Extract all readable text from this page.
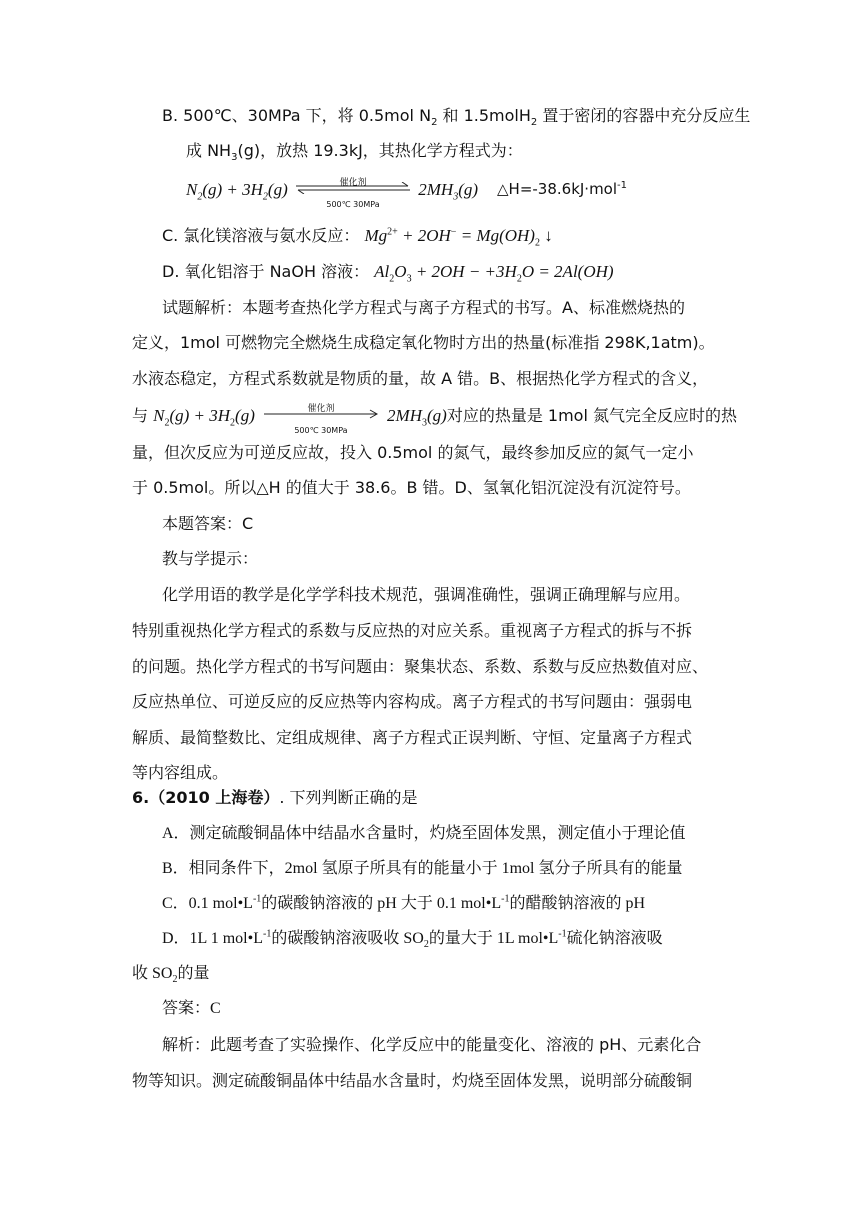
B. 500℃、30MPa 下，将 0.5mol $N_2$ 和 1.5molH$_2$ 置于密闭的容器中充分反应生
成 $NH_3(g)$，放热 19.3kJ，其热化学方程式为：
$N_2(g) + 3H_2(g)$	催化剂
500℃ 30MPa
$2MH_3(g)$ △H=-38.6kJ·mol$^{-1}$
C. 氯化镁溶液与氨水反应： $Mg^{2+} + 2OH^- = Mg(OH)_2$ ↓
D. 氧化铝溶于 NaOH 溶液： $Al_2O_3 + 2OH - +3H_2O = 2Al(OH)$
试题解析：本题考查热化学方程式与离子方程式的书写。A、标准燃烧热的
定义，1mol 可燃物完全燃烧生成稳定氧化物时方出的热量(标准指 298K,1atm)。
水液态稳定，方程式系数就是物质的量，故 A 错。B、根据热化学方程式的含义，
与 $N_2(g) + 3H_2(g)$	催化剂
500℃ 30MPa
$2MH_3(g)$对应的热量是 1mol 氮气完全反应时的热
量，但次反应为可逆反应故，投入 0.5mol 的氮气，最终参加反应的氮气一定小
于 0.5mol。所以△H 的值大于 38.6。B 错。D、氢氧化铝沉淀没有沉淀符号。
本题答案：C
教与学提示：
化学用语的教学是化学学科技术规范，强调准确性，强调正确理解与应用。
特别重视热化学方程式的系数与反应热的对应关系。重视离子方程式的拆与不拆
的问题。热化学方程式的书写问题由：聚集状态、系数、系数与反应热数值对应、
反应热单位、可逆反应的反应热等内容构成。离子方程式的书写问题由：强弱电
解质、最简整数比、定组成规律、离子方程式正误判断、守恒、定量离子方程式
等内容组成。
6.（2010 上海卷）. 下列判断正确的是
A．测定硫酸铜晶体中结晶水含量时，灼烧至固体发黑，测定值小于理论值
B．相同条件下，2mol 氢原子所具有的能量小于 1mol 氢分子所具有的能量
C．0.1 $mol•L^{-1}$的碳酸钠溶液的 pH 大于 0.1 $mol•L^{-1}$的醋酸钠溶液的 pH
D．1L 1 $mol•L^{-1}$的碳酸钠溶液吸收 $SO_2$的量大于 1L $mol•L^{-1}$硫化钠溶液吸
收 $SO_2$的量
答案：C
解析：此题考查了实验操作、化学反应中的能量变化、溶液的 pH、元素化合
物等知识。测定硫酸铜晶体中结晶水含量时，灼烧至固体发黑，说明部分硫酸铜
